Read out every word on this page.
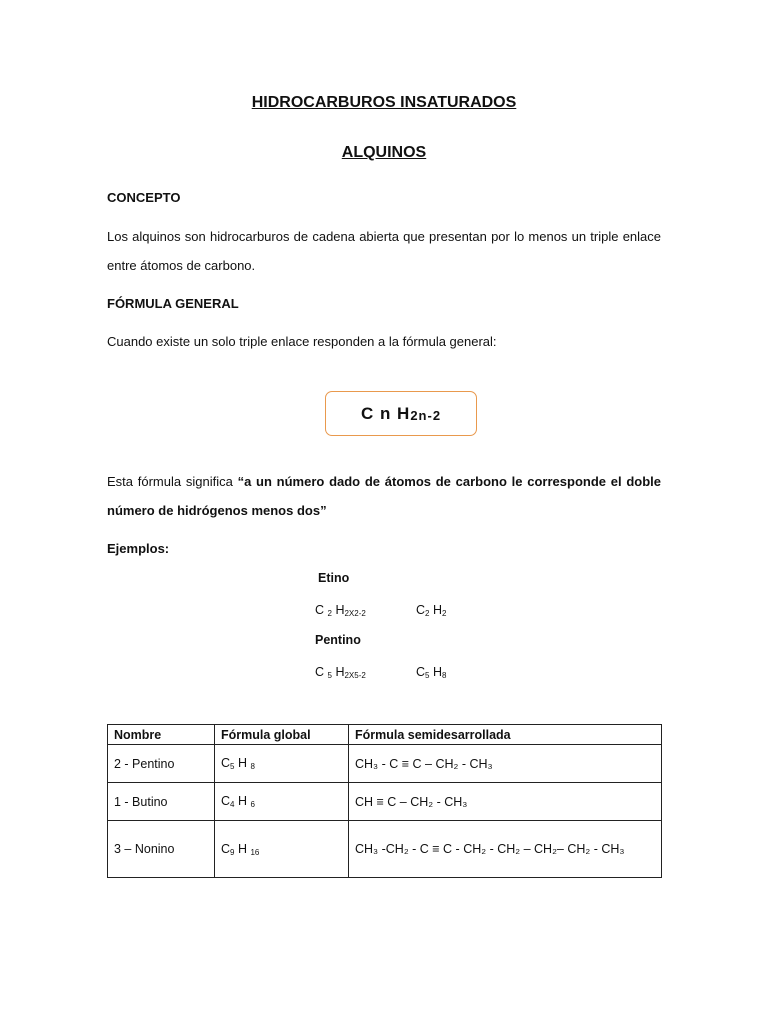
HIDROCARBUROS INSATURADOS
ALQUINOS
CONCEPTO
Los alquinos son hidrocarburos de cadena abierta que presentan por lo menos un triple enlace entre átomos de carbono.
FÓRMULA GENERAL
Cuando existe un solo triple enlace responden a la fórmula general:
C n H 2n-2
Esta fórmula significa “a un número dado de átomos de carbono le corresponde el doble número de hidrógenos menos dos”
Ejemplos:
Etino
C $_2$ $H_{2X2-2}$	$C_2$ $H_2$
Pentino
C $_5$ $H_{2X5-2}$	$C_5$ $H_8$
Nombre	Fórmula global	Fórmula semidesarrollada
2 - Pentino	$C_5$ H $_8$	CH₃ - C ≡ C – CH₂ - CH₃
1 - Butino	$C_4$ H $_6$	CH ≡ C – CH₂ - CH₃
3 – Nonino	$C_9$ H $_{16}$	CH₃ -CH₂ - C ≡ C - CH₂ - CH₂ – CH₂– CH₂ - CH₃
